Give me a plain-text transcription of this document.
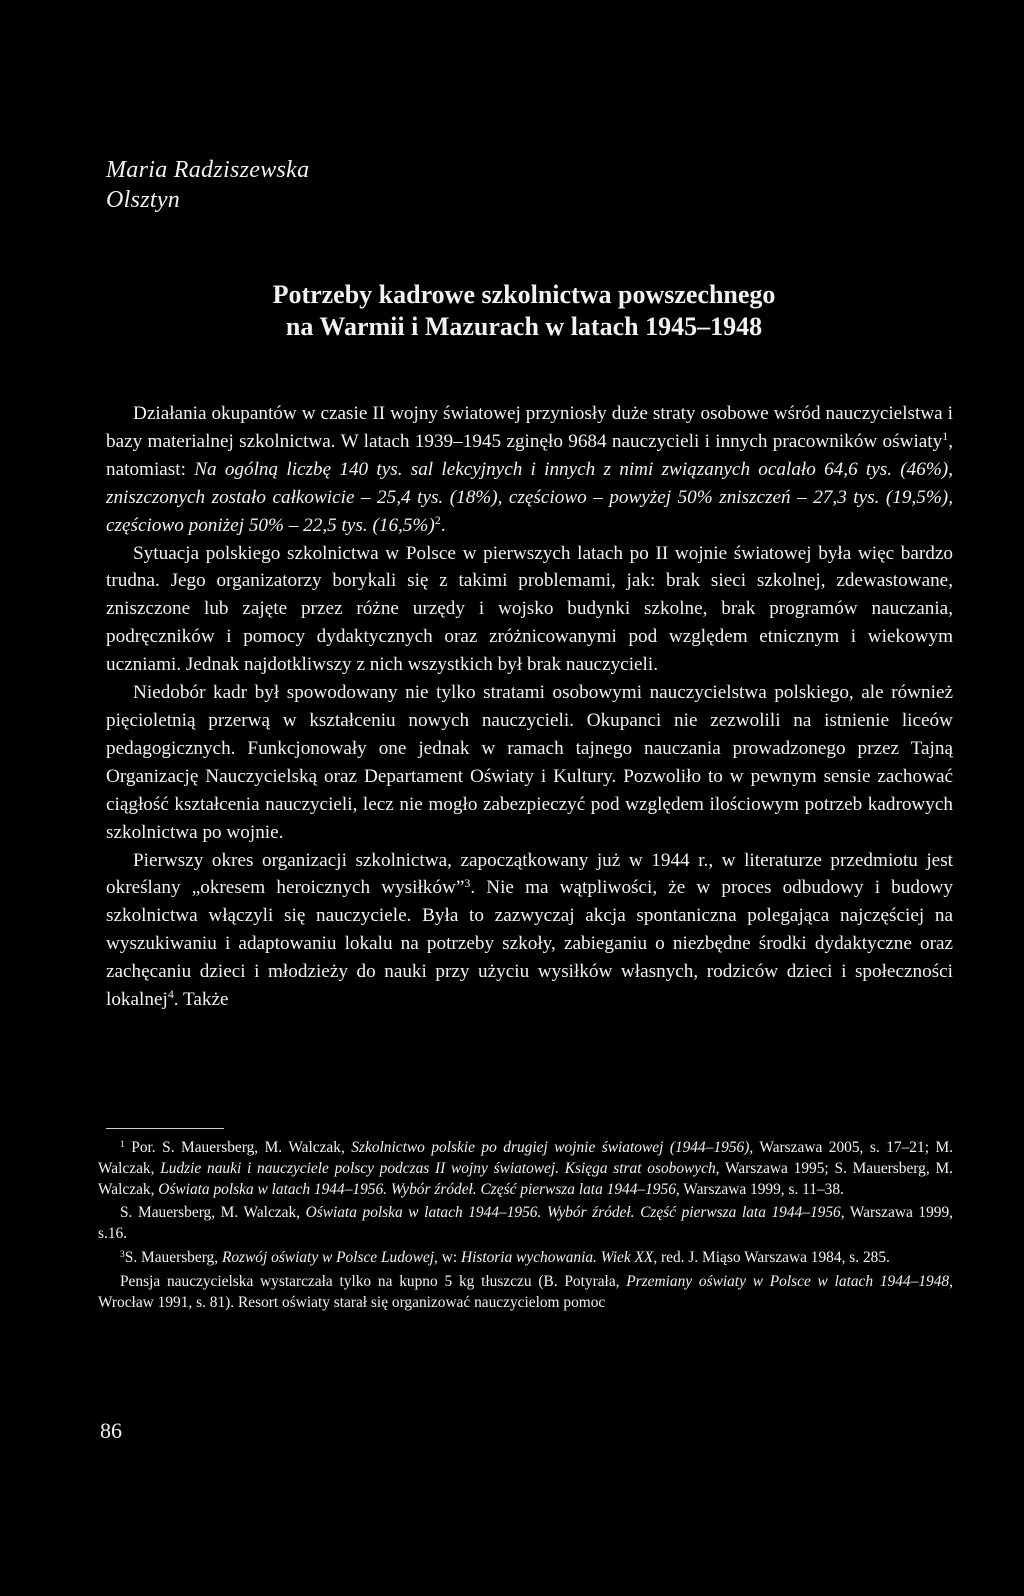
Maria Radziszewska
Olsztyn
Potrzeby kadrowe szkolnictwa powszechnego
na Warmii i Mazurach w latach 1945–1948

Działania okupantów w czasie II wojny światowej przyniosły duże straty osobowe wśród nauczycielstwa i bazy materialnej szkolnictwa. W latach 1939–1945 zginęło 9684 nauczycieli i innych pracowników oświaty$^1$, natomiast: Na ogólną liczbę 140 tys. sal lekcyjnych i innych z nimi związanych ocalało 64,6 tys. (46%), zniszczonych zostało całkowicie – 25,4 tys. (18%), częściowo – powyżej 50% zniszczeń – 27,3 tys. (19,5%), częściowo poniżej 50% – 22,5 tys. $(16,5\%)^2$.

Sytuacja polskiego szkolnictwa w Polsce w pierwszych latach po II wojnie światowej była więc bardzo trudna. Jego organizatorzy borykali się z takimi problemami, jak: brak sieci szkolnej, zdewastowane, zniszczone lub zajęte przez różne urzędy i wojsko budynki szkolne, brak programów nauczania, podręczników i pomocy dydaktycznych oraz zróżnicowanymi pod względem etnicznym i wiekowym uczniami. Jednak najdotkliwszy z nich wszystkich był brak nauczycieli.

Niedobór kadr był spowodowany nie tylko stratami osobowymi nauczycielstwa polskiego, ale również pięcioletnią przerwą w kształceniu nowych nauczycieli. Okupanci nie zezwolili na istnienie liceów pedagogicznych. Funkcjonowały one jednak w ramach tajnego nauczania prowadzonego przez Tajną Organizację Nauczycielską oraz Departament Oświaty i Kultury. Pozwoliło to w pewnym sensie zachować ciągłość kształcenia nauczycieli, lecz nie mogło zabezpieczyć pod względem ilościowym potrzeb kadrowych szkolnictwa po wojnie.

Pierwszy okres organizacji szkolnictwa, zapoczątkowany już w 1944 r., w literaturze przedmiotu jest określany „okresem heroicznych wysiłków”$^3$. Nie ma wątpliwości, że w proces odbudowy i budowy szkolnictwa włączyli się nauczyciele. Była to zazwyczaj akcja spontaniczna polegająca najczęściej na wyszukiwaniu i adaptowaniu lokalu na potrzeby szkoły, zabieganiu o niezbędne środki dydaktyczne oraz zachęcaniu dzieci i młodzieży do nauki przy użyciu wysiłków własnych, rodziców dzieci i społeczności lokalnej$^4$. Także

$^1$ Por. S. Mauersberg, M. Walczak, Szkolnictwo polskie po drugiej wojnie światowej (1944–1956), Warszawa 2005, s. 17–21; M. Walczak, Ludzie nauki i nauczyciele polscy podczas II wojny światowej. Księga strat osobowych, Warszawa 1995; S. Mauersberg, M. Walczak, Oświata polska w latach 1944–1956. Wybór źródeł. Część pierwsza lata 1944–1956, Warszawa 1999, s. 11–38.

S. Mauersberg, M. Walczak, Oświata polska w latach 1944–1956. Wybór źródeł. Część pierwsza lata 1944–1956, Warszawa 1999, s.16.

$^3$S. Mauersberg, Rozwój oświaty w Polsce Ludowej, w: Historia wychowania. Wiek XX, red. J. Miąso Warszawa 1984, s. 285.

Pensja nauczycielska wystarczała tylko na kupno 5 kg tłuszczu (B. Potyrała, Przemiany oświaty w Polsce w latach 1944–1948, Wrocław 1991, s. 81). Resort oświaty starał się organizować nauczycielom pomoc

86
